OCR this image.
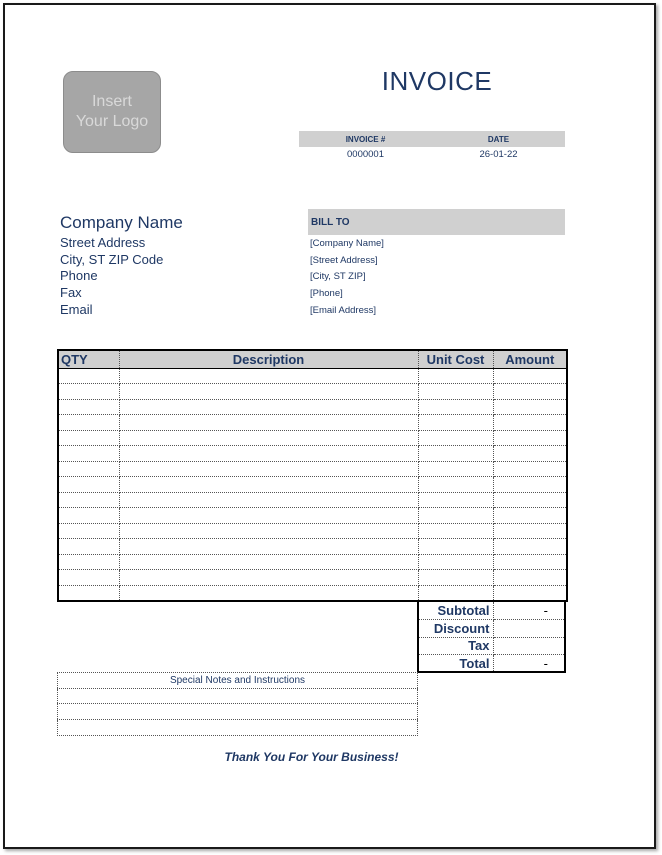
Insert
Your Logo
INVOICE
INVOICE #	DATE
0000001	26-01-22
Company Name
Street Address
City, ST ZIP Code
Phone
Fax
Email
BILL TO
[Company Name]
[Street Address]
[City, ST ZIP]
[Phone]
[Email Address]
QTY	Description	Unit Cost	Amount

Subtotal	-
Discount	
Tax	
Total	-
Special Notes and Instructions

Thank You For Your Business!
